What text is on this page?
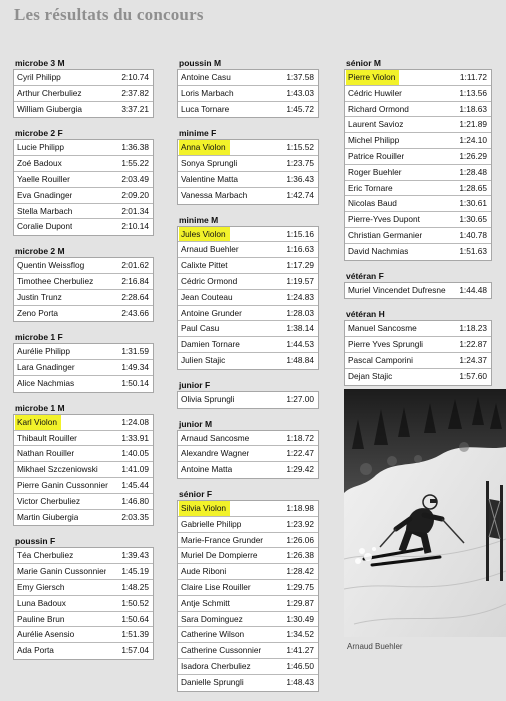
Les résultats du concours
microbe 3 M
Cyril Philipp	2:10.74
Arthur Cherbuliez	2:37.82
William Giubergia	3:37.21
microbe 2 F
Lucie Philipp	1:36.38
Zoé Badoux	1:55.22
Yaelle Rouiller	2:03.49
Eva Gnadinger	2:09.20
Stella Marbach	2:01.34
Coralie Dupont	2:10.14
microbe 2 M
Quentin Weissflog	2:01.62
Timothee Cherbuliez	2:16.84
Justin Trunz	2:28.64
Zeno Porta	2:43.66
microbe 1 F
Aurélie Philipp	1:31.59
Lara Gnadinger	1:49.34
Alice Nachmias	1:50.14
microbe 1 M
Karl Violon	1:24.08
Thibault Rouiller	1:33.91
Nathan Rouiller	1:40.05
Mikhael Szczeniowski	1:41.09
Pierre Ganin Cussonnier 1:45.44
Victor Cherbuliez	1:46.80
Martin Giubergia	2:03.35
poussin F
Téa Cherbuliez	1:39.43
Marie Ganin Cussonnier 1:45.19
Emy Giersch	1:48.25
Luna Badoux	1:50.52
Pauline Brun	1:50.64
Aurélie Asensio	1:51.39
Ada Porta	1:57.04
poussin M
Antoine Casu	1:37.58
Loris Marbach	1:43.03
Luca Tornare	1:45.72
minime F
Anna Violon	1:15.52
Sonya Sprungli	1:23.75
Valentine Matta	1:36.43
Vanessa Marbach	1:42.74
minime M
Jules Violon	1:15.16
Arnaud Buehler	1:16.63
Calixte Pittet	1:17.29
Cédric Ormond	1:19.57
Jean Couteau	1:24.83
Antoine Grunder	1:28.03
Paul Casu	1:38.14
Damien Tornare	1:44.53
Julien Stajic	1:48.84
junior F
Olivia Sprungli	1:27.00
junior M
Arnaud Sancosme	1:18.72
Alexandre Wagner	1:22.47
Antoine Matta	1:29.42
sénior F
Silvia Violon	1:18.98
Gabrielle Philipp	1:23.92
Marie-France Grunder	1:26.06
Muriel De Dompierre	1:26.38
Aude Riboni	1:28.42
Claire Lise Rouiller	1:29.75
Antje Schmitt	1:29.87
Sara Dominguez	1:30.49
Catherine Wilson	1:34.52
Catherine Cussonnier	1:41.27
Isadora Cherbuliez	1:46.50
Danielle Sprungli	1:48.43
sénior M
Pierre Violon	1:11.72
Cédric Huwiler	1:13.56
Richard Ormond	1:18.63
Laurent Savioz	1:21.89
Michel Philipp	1:24.10
Patrice Rouiller	1:26.29
Roger Buehler	1:28.48
Eric Tornare	1:28.65
Nicolas Baud	1:30.61
Pierre-Yves Dupont	1:30.65
Christian Germanier	1:40.78
David Nachmias	1:51.63
vétéran F
Muriel Vincendet Dufresne 1:44.48
vétéran H
Manuel Sancosme	1:18.23
Pierre Yves Sprungli	1:22.87
Pascal Camporini	1:24.37
Dejan Stajic	1:57.60
Arnaud Buehler
